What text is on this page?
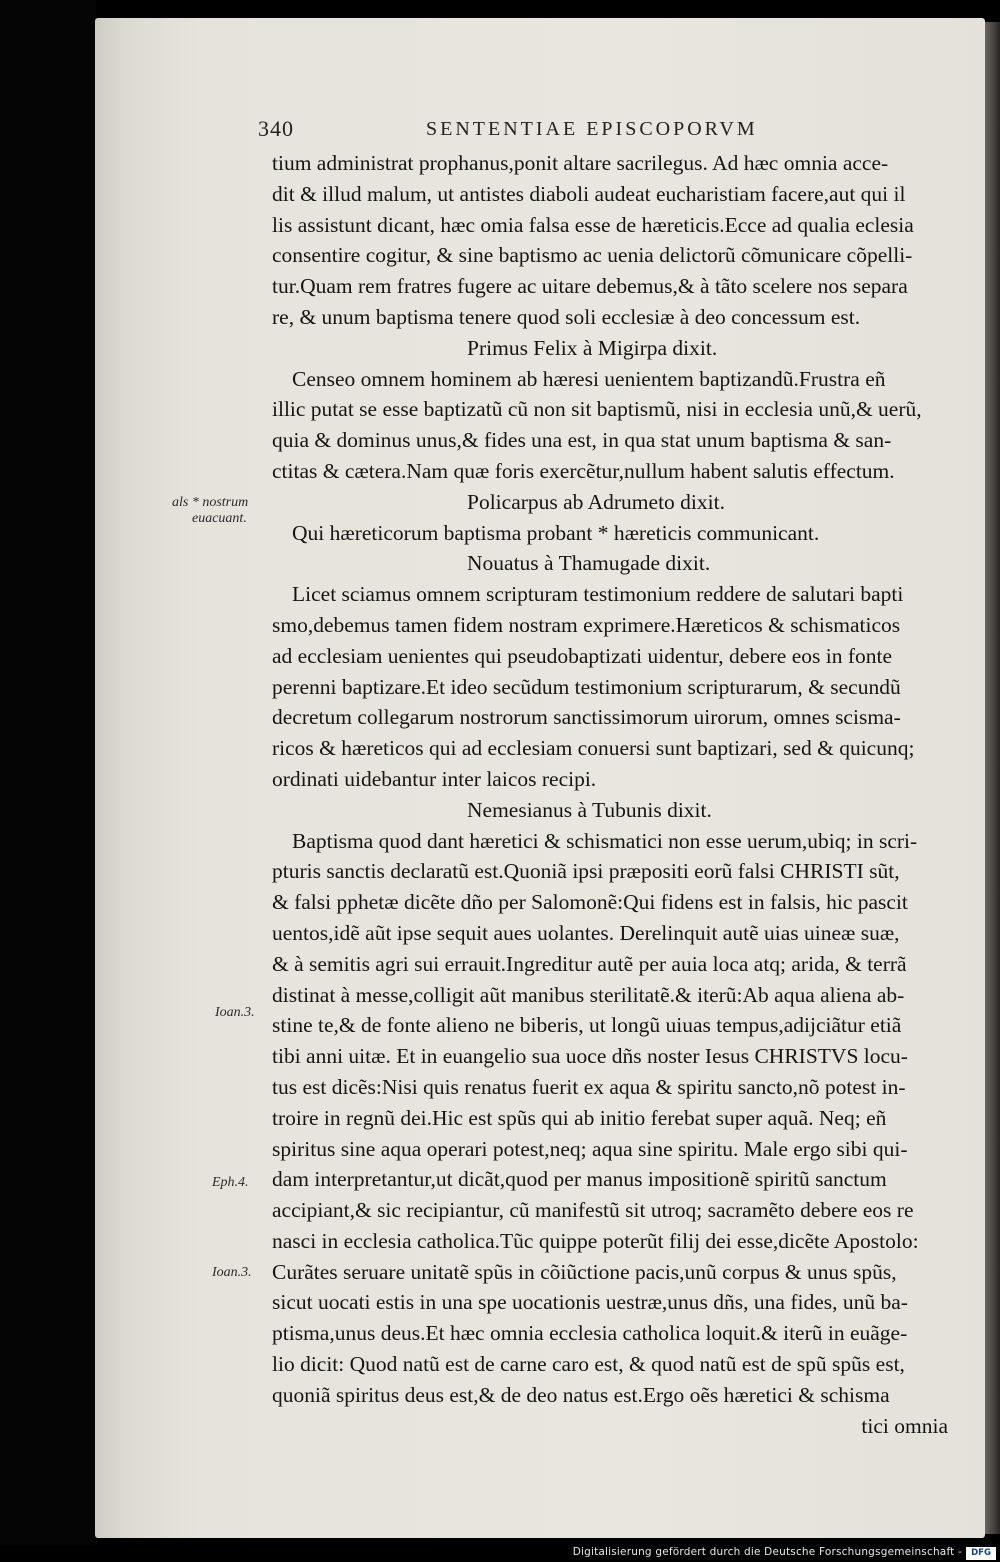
340	SENTENTIAE EPISCOPORVM
als * nostrum
euacuant.
Ioan.3.
Eph.4.
Ioan.3.
tium administrat prophanus,ponit altare sacrilegus. Ad hæc omnia acce-
dit & illud malum, ut antistes diaboli audeat eucharistiam facere,aut qui il
lis assistunt dicant, hæc omia falsa esse de hæreticis.Ecce ad qualia eclesia
consentire cogitur, & sine baptismo ac uenia delictorũ cõmunicare cõpelli-
tur.Quam rem fratres fugere ac uitare debemus,& à tãto scelere nos separa
re, & unum baptisma tenere quod soli ecclesiæ à deo concessum est.
Primus Felix à Migirpa dixit.
Censeo omnem hominem ab hæresi uenientem baptizandũ.Frustra eñ
illic putat se esse baptizatũ cũ non sit baptismũ, nisi in ecclesia unũ,& uerũ,
quia & dominus unus,& fides una est, in qua stat unum baptisma & san-
ctitas & cætera.Nam quæ foris exercẽtur,nullum habent salutis effectum.
Policarpus ab Adrumeto dixit.
Qui hæreticorum baptisma probant * hæreticis communicant.
Nouatus à Thamugade dixit.
Licet sciamus omnem scripturam testimonium reddere de salutari bapti
smo,debemus tamen fidem nostram exprimere.Hæreticos & schismaticos
ad ecclesiam uenientes qui pseudobaptizati uidentur, debere eos in fonte
perenni baptizare.Et ideo secũdum testimonium scripturarum, & secundũ
decretum collegarum nostrorum sanctissimorum uirorum, omnes scisma-
ricos & hæreticos qui ad ecclesiam conuersi sunt baptizari, sed & quicunq;
ordinati uidebantur inter laicos recipi.
Nemesianus à Tubunis dixit.
Baptisma quod dant hæretici & schismatici non esse uerum,ubiq; in scri-
pturis sanctis declaratũ est.Quoniã ipsi præpositi eorũ falsi CHRISTI sũt,
& falsi pphetæ dicẽte dño per Salomonẽ:Qui fidens est in falsis, hic pascit
uentos,idẽ aũt ipse sequit aues uolantes. Derelinquit autẽ uias uineæ suæ,
& à semitis agri sui errauit.Ingreditur autẽ per auia loca atq; arida, & terrã
distinat à messe,colligit aũt manibus sterilitatẽ.& iterũ:Ab aqua aliena ab-
stine te,& de fonte alieno ne biberis, ut longũ uiuas tempus,adijciãtur etiã
tibi anni uitæ. Et in euangelio sua uoce dñs noster Iesus CHRISTVS locu-
tus est dicẽs:Nisi quis renatus fuerit ex aqua & spiritu sancto,nõ potest in-
troire in regnũ dei.Hic est spũs qui ab initio ferebat super aquã. Neq; eñ
spiritus sine aqua operari potest,neq; aqua sine spiritu. Male ergo sibi qui-
dam interpretantur,ut dicãt,quod per manus impositionẽ spiritũ sanctum
accipiant,& sic recipiantur, cũ manifestũ sit utroq; sacramẽto debere eos re
nasci in ecclesia catholica.Tũc quippe poterũt filij dei esse,dicẽte Apostolo:
Curãtes seruare unitatẽ spũs in cõiũctione pacis,unũ corpus & unus spũs,
sicut uocati estis in una spe uocationis uestræ,unus dñs, una fides, unũ ba-
ptisma,unus deus.Et hæc omnia ecclesia catholica loquit.& iterũ in euãge-
lio dicit: Quod natũ est de carne caro est, & quod natũ est de spũ spũs est,
quoniã spiritus deus est,& de deo natus est.Ergo oẽs hæretici & schisma
tici omnia
Digitalisierung gefördert durch die Deutsche Forschungsgemeinschaft -	DFG
